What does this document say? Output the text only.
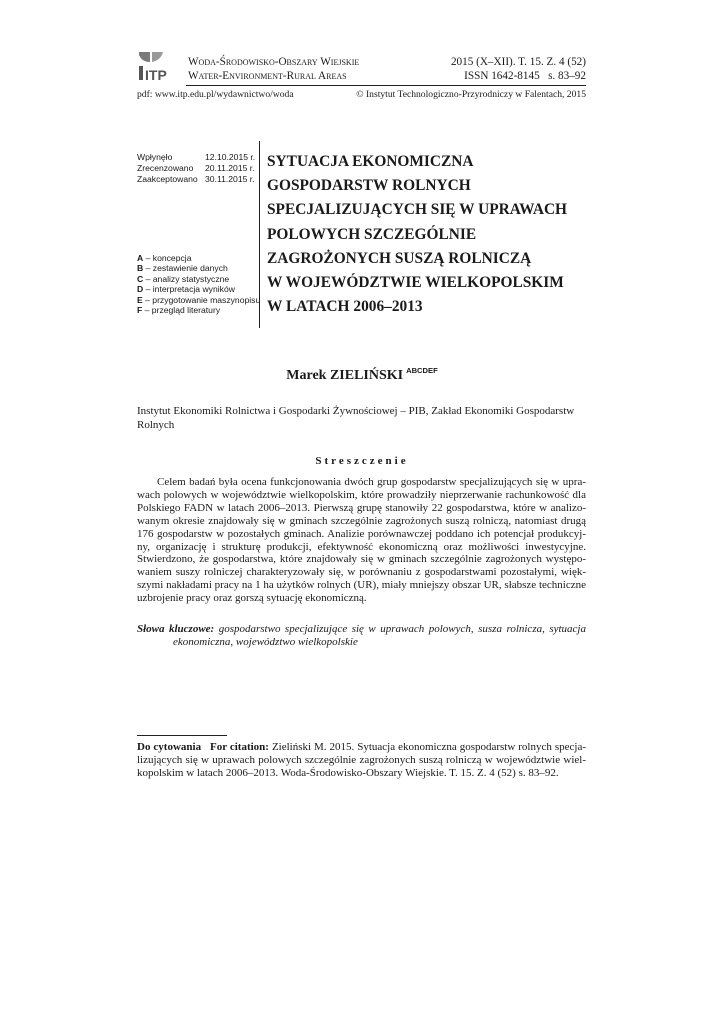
ITP
Woda-Środowisko-Obszary Wiejskie
Water-Environment-Rural Areas
2015 (X–XII). T. 15. Z. 4 (52)
ISSN 1642-8145 s. 83–92
pdf: www.itp.edu.pl/wydawnictwo/woda	© Instytut Technologiczno-Przyrodniczy w Falentach, 2015
Wpłynęło	12.10.2015 r.
Zrecenzowano	20.11.2015 r.
Zaakceptowano 30.11.2015 r.
A – koncepcja
B – zestawienie danych
C – analizy statystyczne
D – interpretacja wyników
E – przygotowanie maszynopisu
F – przegląd literatury
SYTUACJA EKONOMICZNA
GOSPODARSTW ROLNYCH
SPECJALIZUJĄCYCH SIĘ W UPRAWACH
POLOWYCH SZCZEGÓLNIE
ZAGROŻONYCH SUSZĄ ROLNICZĄ
W WOJEWÓDZTWIE WIELKOPOLSKIM
W LATACH 2006–2013
Marek ZIELIŃSKI $^{ABCDEF}$
Instytut Ekonomiki Rolnictwa i Gospodarki Żywnościowej – PIB, Zakład Ekonomiki Gospodarstw Rolnych
Streszczenie
Celem badań była ocena funkcjonowania dwóch grup gospodarstw specjalizujących się w upra-
wach polowych w województwie wielkopolskim, które prowadziły nieprzerwanie rachunkowość dla
Polskiego FADN w latach 2006–2013. Pierwszą grupę stanowiły 22 gospodarstwa, które w analizo-
wanym okresie znajdowały się w gminach szczególnie zagrożonych suszą rolniczą, natomiast drugą
176 gospodarstw w pozostałych gminach. Analizie porównawczej poddano ich potencjał produkcyj-
ny, organizację i strukturę produkcji, efektywność ekonomiczną oraz możliwości inwestycyjne.
Stwierdzono, że gospodarstwa, które znajdowały się w gminach szczególnie zagrożonych występo-
waniem suszy rolniczej charakteryzowały się, w porównaniu z gospodarstwami pozostałymi, więk-
szymi nakładami pracy na 1 ha użytków rolnych (UR), miały mniejszy obszar UR, słabsze techniczne
uzbrojenie pracy oraz gorszą sytuację ekonomiczną.
Słowa kluczowe: gospodarstwo specjalizujące się w uprawach polowych, susza rolnicza, sytuacja
ekonomiczna, województwo wielkopolskie
Do cytowania   For citation: Zieliński M. 2015. Sytuacja ekonomiczna gospodarstw rolnych specja-
lizujących się w uprawach polowych szczególnie zagrożonych suszą rolniczą w województwie wiel-
kopolskim w latach 2006–2013. Woda-Środowisko-Obszary Wiejskie. T. 15. Z. 4 (52) s. 83–92.
